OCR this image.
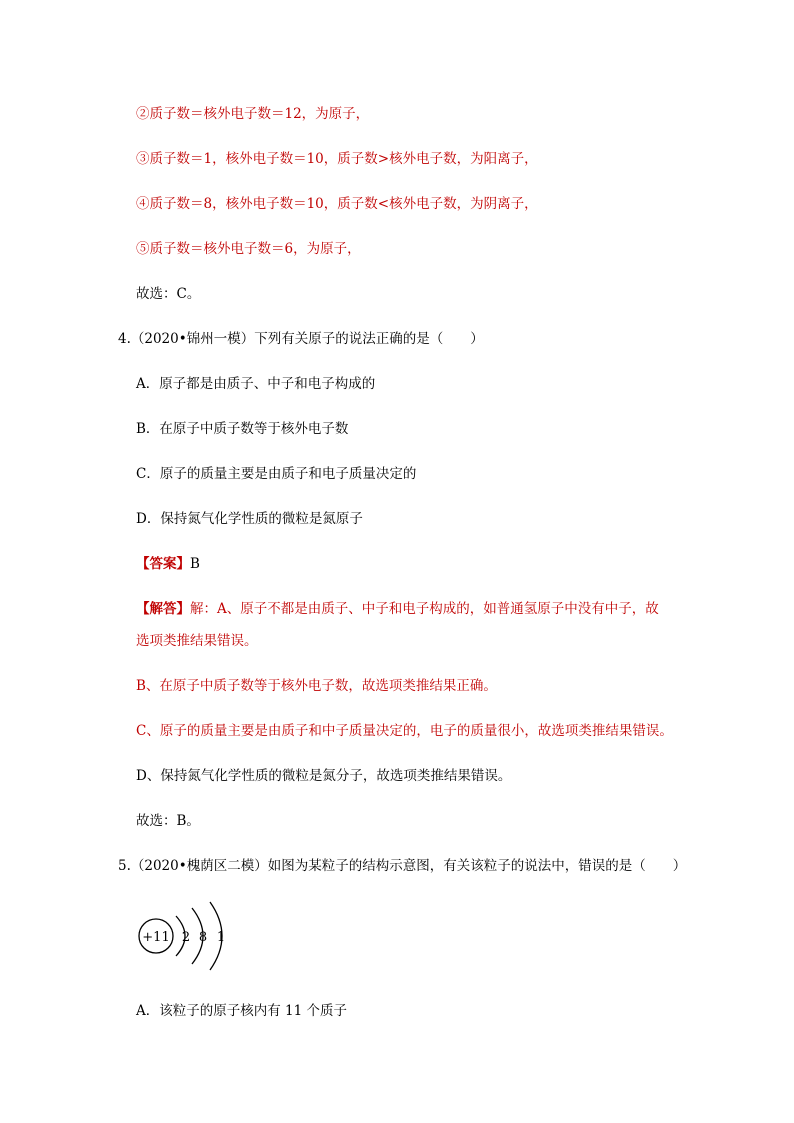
②质子数＝核外电子数＝12，为原子，
③质子数＝1，核外电子数＝10，质子数>核外电子数，为阳离子，
④质子数＝8，核外电子数＝10，质子数<核外电子数，为阴离子，
⑤质子数＝核外电子数＝6，为原子，
故选：C。
4.（2020•锦州一模）下列有关原子的说法正确的是（　　）
A．原子都是由质子、中子和电子构成的
B．在原子中质子数等于核外电子数
C．原子的质量主要是由质子和电子质量决定的
D．保持氮气化学性质的微粒是氮原子
【答案】B
【解答】解：A、原子不都是由质子、中子和电子构成的，如普通氢原子中没有中子，故
选项类推结果错误。
B、在原子中质子数等于核外电子数，故选项类推结果正确。
C、原子的质量主要是由质子和中子质量决定的，电子的质量很小，故选项类推结果错误。
D、保持氮气化学性质的微粒是氮分子，故选项类推结果错误。
故选：B。
5.（2020•槐荫区二模）如图为某粒子的结构示意图，有关该粒子的说法中，错误的是（　　）
+11 2 8 1
A．该粒子的原子核内有 11 个质子
